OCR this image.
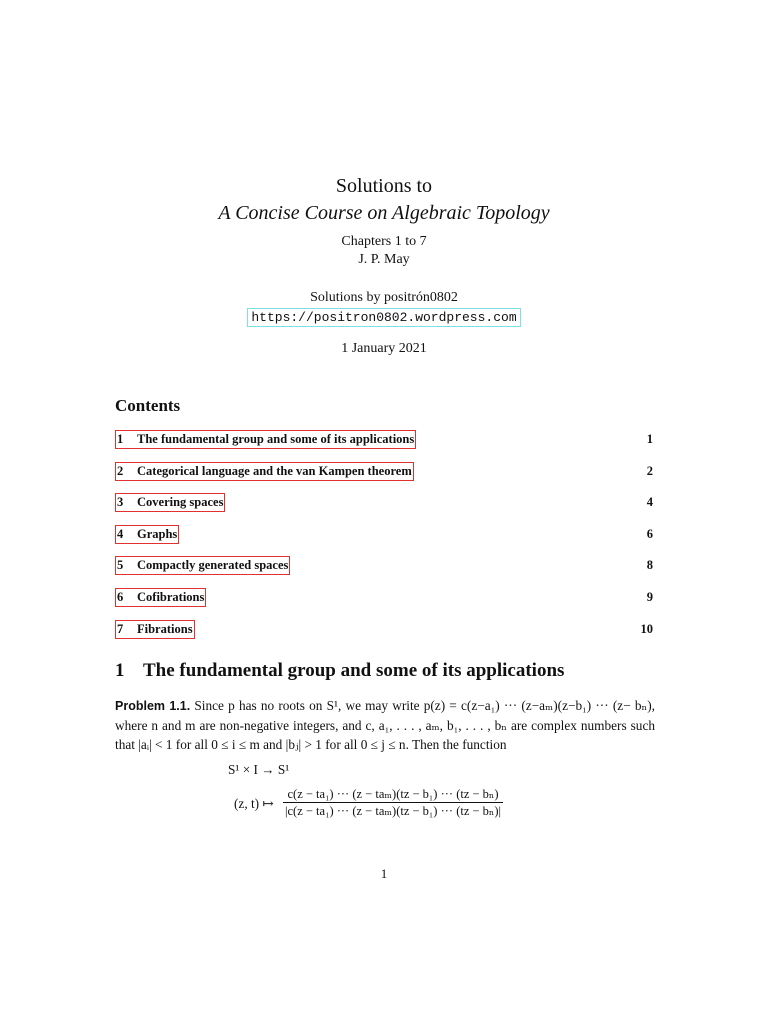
Solutions to
A Concise Course on Algebraic Topology
Chapters 1 to 7
J. P. May
Solutions by positrón0802
https://positron0802.wordpress.com
1 January 2021
Contents
1 The fundamental group and some of its applications	1
2 Categorical language and the van Kampen theorem	2
3 Covering spaces	4
4 Graphs	6
5 Compactly generated spaces	8
6 Cofibrations	9
7 Fibrations	10
1 The fundamental group and some of its applications
Problem 1.1. Since p has no roots on S¹, we may write p(z) = c(z−a₁) ··· (z−aₘ)(z−b₁) ··· (z− bₙ), where n and m are non-negative integers, and c, a₁, . . . , aₘ, b₁, . . . , bₙ are complex numbers such that |aᵢ| < 1 for all 0 ≤ i ≤ m and |bⱼ| > 1 for all 0 ≤ j ≤ n. Then the function
S¹ × I → S¹
(z, t) ↦
c(z − ta₁) ··· (z − taₘ)(tz − b₁) ··· (tz − bₙ)
|c(z − ta₁) ··· (z − taₘ)(tz − b₁) ··· (tz − bₙ)|
1
